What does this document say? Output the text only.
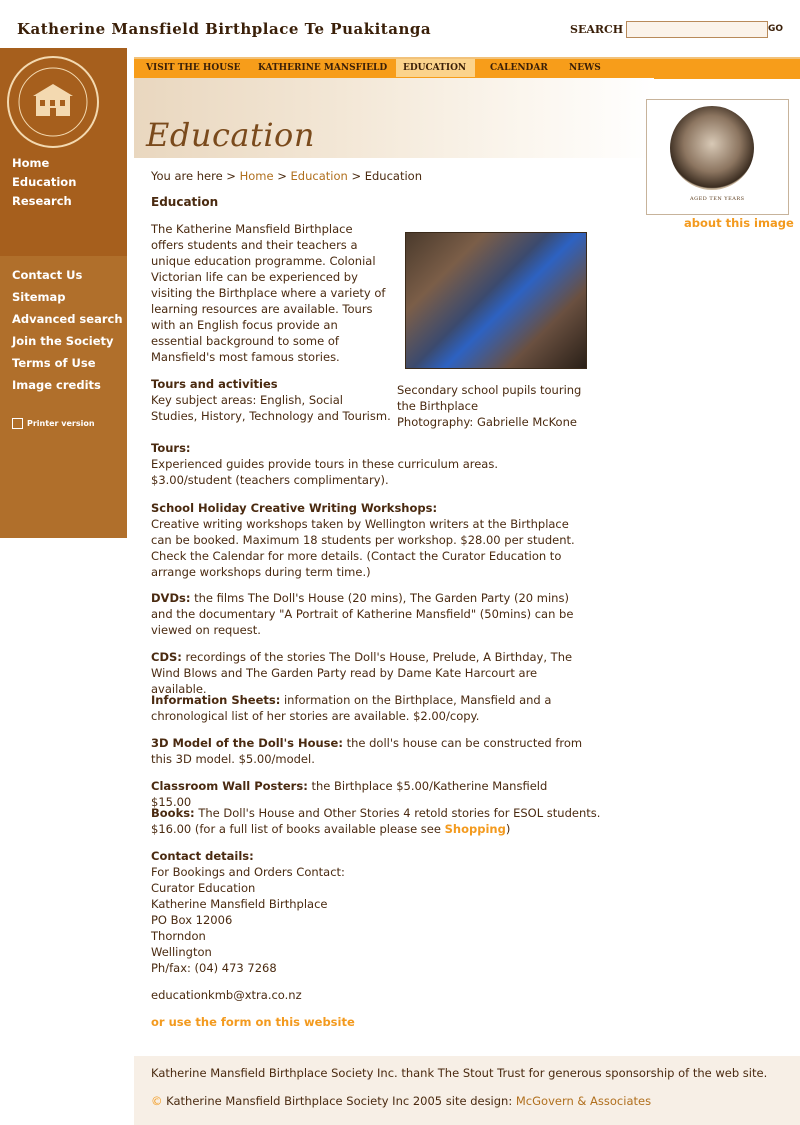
Katherine Mansfield Birthplace Te Puakitanga	SEARCH	GO
Home
Education
Research
Contact Us
Sitemap
Advanced search
Join the Society
Terms of Use
Image credits
Printer version
VISIT THE HOUSE KATHERINE MANSFIELD EDUCATION	CALENDAR NEWS
Education
AGED TEN YEARS
about this image
You are here > Home > Education > Education
Education
The Katherine Mansfield Birthplace offers students and their teachers a unique education programme. Colonial Victorian life can be experienced by visiting the Birthplace where a variety of learning resources are available. Tours with an English focus provide an essential background to some of Mansfield's most famous stories.
Secondary school pupils touring the Birthplace
Photography: Gabrielle McKone
Tours and activities
Key subject areas: English, Social Studies, History, Technology and Tourism.
Tours:
Experienced guides provide tours in these curriculum areas.
$3.00/student (teachers complimentary).
School Holiday Creative Writing Workshops:
Creative writing workshops taken by Wellington writers at the Birthplace can be booked. Maximum 18 students per workshop. $28.00 per student. Check the Calendar for more details. (Contact the Curator Education to arrange workshops during term time.)
DVDs: the films The Doll's House (20 mins), The Garden Party (20 mins) and the documentary "A Portrait of Katherine Mansfield" (50mins) can be viewed on request.
CDS: recordings of the stories The Doll's House, Prelude, A Birthday, The Wind Blows and The Garden Party read by Dame Kate Harcourt are available.
Information Sheets: information on the Birthplace, Mansfield and a chronological list of her stories are available. $2.00/copy.
3D Model of the Doll's House: the doll's house can be constructed from this 3D model. $5.00/model.
Classroom Wall Posters: the Birthplace $5.00/Katherine Mansfield $15.00
Books: The Doll's House and Other Stories 4 retold stories for ESOL students. $16.00 (for a full list of books available please see Shopping)
Contact details:
For Bookings and Orders Contact:
Curator Education
Katherine Mansfield Birthplace
PO Box 12006
Thorndon
Wellington
Ph/fax: (04) 473 7268
educationkmb@xtra.co.nz
or use the form on this website
Katherine Mansfield Birthplace Society Inc. thank The Stout Trust for generous sponsorship of the web site.
© Katherine Mansfield Birthplace Society Inc 2005 site design: McGovern & Associates
